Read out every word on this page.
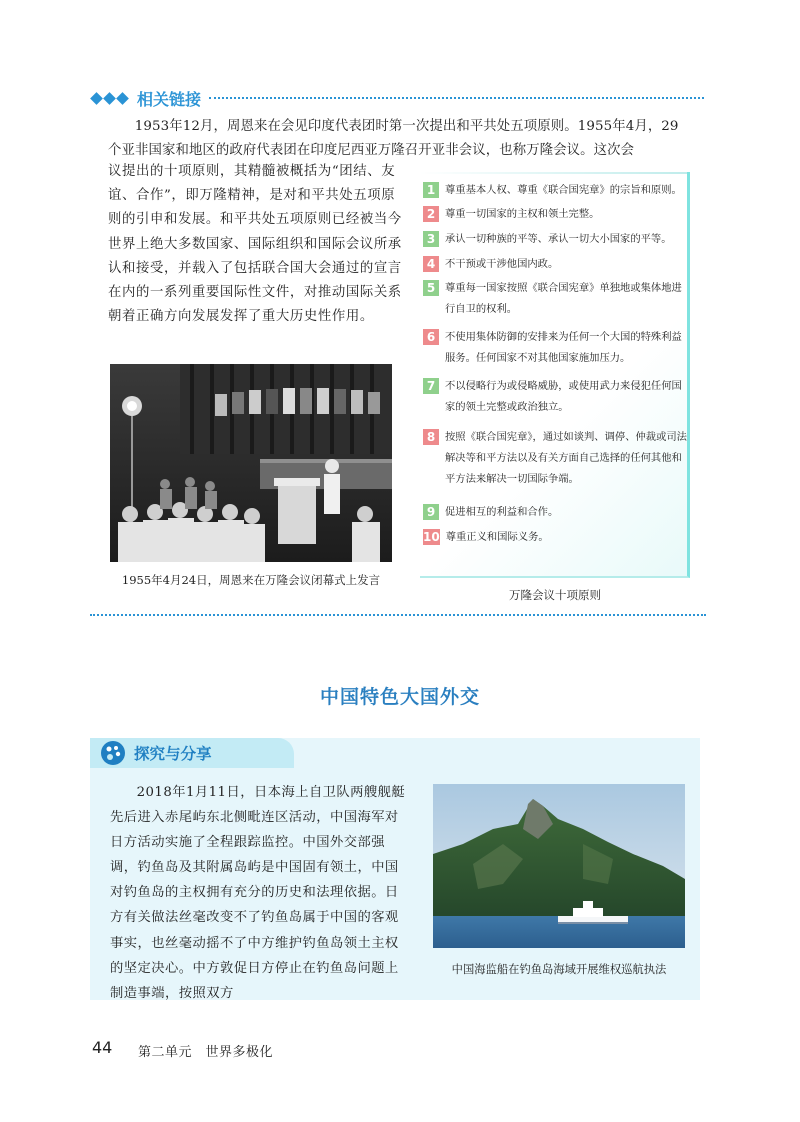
相关链接

1953年12月，周恩来在会见印度代表团时第一次提出和平共处五项原则。1955年4月，29个亚非国家和地区的政府代表团在印度尼西亚万隆召开亚非会议，也称万隆会议。这次会

议提出的十项原则，其精髓被概括为“团结、友谊、合作”，即万隆精神，是对和平共处五项原则的引申和发展。和平共处五项原则已经被当今世界上绝大多数国家、国际组织和国际会议所承认和接受，并载入了包括联合国大会通过的宣言在内的一系列重要国际性文件，对推动国际关系朝着正确方向发展发挥了重大历史性作用。

1955年4月24日，周恩来在万隆会议闭幕式上发言
1 尊重基本人权、尊重《联合国宪章》的宗旨和原则。
2 尊重一切国家的主权和领土完整。
3 承认一切种族的平等、承认一切大小国家的平等。
4 不干预或干涉他国内政。
5 尊重每一国家按照《联合国宪章》单独地或集体地进行自卫的权利。
6 不使用集体防御的安排来为任何一个大国的特殊利益服务。任何国家不对其他国家施加压力。
7 不以侵略行为或侵略威胁，或使用武力来侵犯任何国家的领土完整或政治独立。
8 按照《联合国宪章》，通过如谈判、调停、仲裁或司法解决等和平方法以及有关方面自己选择的任何其他和平方法来解决一切国际争端。
9 促进相互的利益和合作。
10 尊重正义和国际义务。
万隆会议十项原则
中国特色大国外交
探究与分享

2018年1月11日，日本海上自卫队两艘舰艇先后进入赤尾屿东北侧毗连区活动，中国海军对日方活动实施了全程跟踪监控。中国外交部强调，钓鱼岛及其附属岛屿是中国固有领土，中国对钓鱼岛的主权拥有充分的历史和法理依据。日方有关做法丝毫改变不了钓鱼岛属于中国的客观事实，也丝毫动摇不了中方维护钓鱼岛领土主权的坚定决心。中方敦促日方停止在钓鱼岛问题上制造事端，按照双方

中国海监船在钓鱼岛海域开展维权巡航执法
44 第二单元　世界多极化
